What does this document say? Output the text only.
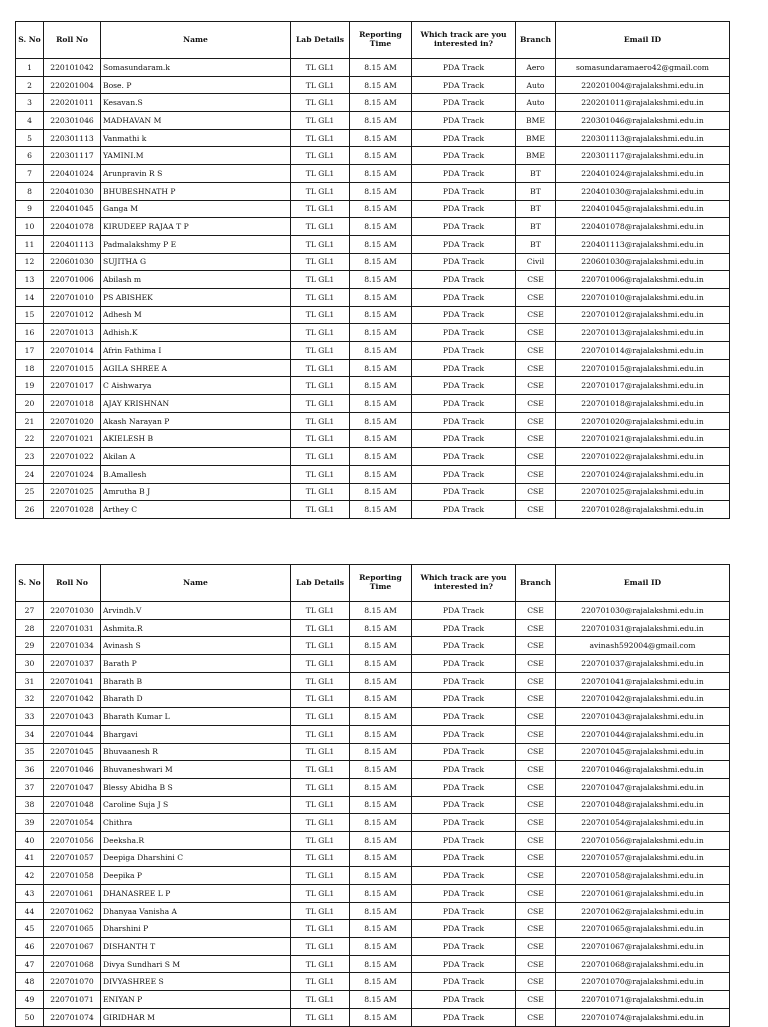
S. No	Roll No	Name	Lab Details	Reporting Time	Which track are you interested in?	Branch	Email ID
1	220101042	Somasundaram.k	TL GL1	8.15 AM	PDA Track	Aero	somasundaramaero42@gmail.com
2	220201004	Bose. P	TL GL1	8.15 AM	PDA Track	Auto	220201004@rajalakshmi.edu.in
3	220201011	Kesavan.S	TL GL1	8.15 AM	PDA Track	Auto	220201011@rajalakshmi.edu.in
4	220301046	MADHAVAN M	TL GL1	8.15 AM	PDA Track	BME	220301046@rajalakshmi.edu.in
5	220301113	Vanmathi k	TL GL1	8.15 AM	PDA Track	BME	220301113@rajalakshmi.edu.in
6	220301117	YAMINI.M	TL GL1	8.15 AM	PDA Track	BME	220301117@rajalakshmi.edu.in
7	220401024	Arunpravin R S	TL GL1	8.15 AM	PDA Track	BT	220401024@rajalakshmi.edu.in
8	220401030	BHUBESHNATH P	TL GL1	8.15 AM	PDA Track	BT	220401030@rajalakshmi.edu.in
9	220401045	Ganga M	TL GL1	8.15 AM	PDA Track	BT	220401045@rajalakshmi.edu.in
10	220401078	KIRUDEEP RAJAA T P	TL GL1	8.15 AM	PDA Track	BT	220401078@rajalakshmi.edu.in
11	220401113	Padmalakshmy P E	TL GL1	8.15 AM	PDA Track	BT	220401113@rajalakshmi.edu.in
12	220601030	SUJITHA G	TL GL1	8.15 AM	PDA Track	Civil	220601030@rajalakshmi.edu.in
13	220701006	Abilash m	TL GL1	8.15 AM	PDA Track	CSE	220701006@rajalakshmi.edu.in
14	220701010	PS ABISHEK	TL GL1	8.15 AM	PDA Track	CSE	220701010@rajalakshmi.edu.in
15	220701012	Adhesh M	TL GL1	8.15 AM	PDA Track	CSE	220701012@rajalakshmi.edu.in
16	220701013	Adhish.K	TL GL1	8.15 AM	PDA Track	CSE	220701013@rajalakshmi.edu.in
17	220701014	Afrin Fathima I	TL GL1	8.15 AM	PDA Track	CSE	220701014@rajalakshmi.edu.in
18	220701015	AGILA SHREE A	TL GL1	8.15 AM	PDA Track	CSE	220701015@rajalakshmi.edu.in
19	220701017	C Aishwarya	TL GL1	8.15 AM	PDA Track	CSE	220701017@rajalakshmi.edu.in
20	220701018	AJAY KRISHNAN	TL GL1	8.15 AM	PDA Track	CSE	220701018@rajalakshmi.edu.in
21	220701020	Akash Narayan P	TL GL1	8.15 AM	PDA Track	CSE	220701020@rajalakshmi.edu.in
22	220701021	AKIELESH B	TL GL1	8.15 AM	PDA Track	CSE	220701021@rajalakshmi.edu.in
23	220701022	Akilan A	TL GL1	8.15 AM	PDA Track	CSE	220701022@rajalakshmi.edu.in
24	220701024	B.Amallesh	TL GL1	8.15 AM	PDA Track	CSE	220701024@rajalakshmi.edu.in
25	220701025	Amrutha B J	TL GL1	8.15 AM	PDA Track	CSE	220701025@rajalakshmi.edu.in
26	220701028	Arthey C	TL GL1	8.15 AM	PDA Track	CSE	220701028@rajalakshmi.edu.in
S. No	Roll No	Name	Lab Details	Reporting Time	Which track are you interested in?	Branch	Email ID
27	220701030	Arvindh.V	TL GL1	8.15 AM	PDA Track	CSE	220701030@rajalakshmi.edu.in
28	220701031	Ashmita.R	TL GL1	8.15 AM	PDA Track	CSE	220701031@rajalakshmi.edu.in
29	220701034	Avinash S	TL GL1	8.15 AM	PDA Track	CSE	avinash592004@gmail.com
30	220701037	Barath P	TL GL1	8.15 AM	PDA Track	CSE	220701037@rajalakshmi.edu.in
31	220701041	Bharath B	TL GL1	8.15 AM	PDA Track	CSE	220701041@rajalakshmi.edu.in
32	220701042	Bharath D	TL GL1	8.15 AM	PDA Track	CSE	220701042@rajalakshmi.edu.in
33	220701043	Bharath Kumar L	TL GL1	8.15 AM	PDA Track	CSE	220701043@rajalakshmi.edu.in
34	220701044	Bhargavi	TL GL1	8.15 AM	PDA Track	CSE	220701044@rajalakshmi.edu.in
35	220701045	Bhuvaanesh R	TL GL1	8.15 AM	PDA Track	CSE	220701045@rajalakshmi.edu.in
36	220701046	Bhuvaneshwari M	TL GL1	8.15 AM	PDA Track	CSE	220701046@rajalakshmi.edu.in
37	220701047	Blessy Abidha B S	TL GL1	8.15 AM	PDA Track	CSE	220701047@rajalakshmi.edu.in
38	220701048	Caroline Suja J S	TL GL1	8.15 AM	PDA Track	CSE	220701048@rajalakshmi.edu.in
39	220701054	Chithra	TL GL1	8.15 AM	PDA Track	CSE	220701054@rajalakshmi.edu.in
40	220701056	Deeksha.R	TL GL1	8.15 AM	PDA Track	CSE	220701056@rajalakshmi.edu.in
41	220701057	Deepiga Dharshini C	TL GL1	8.15 AM	PDA Track	CSE	220701057@rajalakshmi.edu.in
42	220701058	Deepika P	TL GL1	8.15 AM	PDA Track	CSE	220701058@rajalakshmi.edu.in
43	220701061	DHANASREE L P	TL GL1	8.15 AM	PDA Track	CSE	220701061@rajalakshmi.edu.in
44	220701062	Dhanyaa Vanisha A	TL GL1	8.15 AM	PDA Track	CSE	220701062@rajalakshmi.edu.in
45	220701065	Dharshini P	TL GL1	8.15 AM	PDA Track	CSE	220701065@rajalakshmi.edu.in
46	220701067	DISHANTH T	TL GL1	8.15 AM	PDA Track	CSE	220701067@rajalakshmi.edu.in
47	220701068	Divya Sundhari S M	TL GL1	8.15 AM	PDA Track	CSE	220701068@rajalakshmi.edu.in
48	220701070	DIVYASHREE S	TL GL1	8.15 AM	PDA Track	CSE	220701070@rajalakshmi.edu.in
49	220701071	ENIYAN P	TL GL1	8.15 AM	PDA Track	CSE	220701071@rajalakshmi.edu.in
50	220701074	GIRIDHAR M	TL GL1	8.15 AM	PDA Track	CSE	220701074@rajalakshmi.edu.in
